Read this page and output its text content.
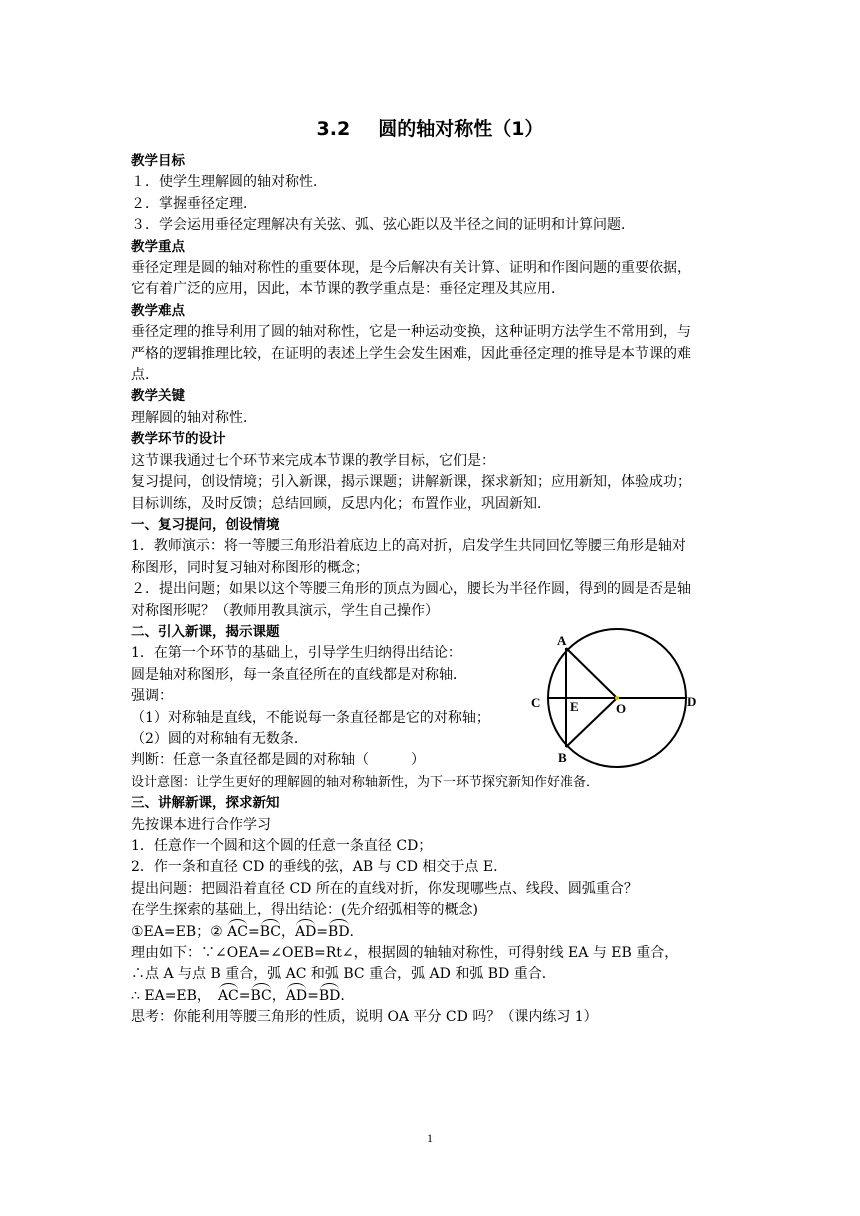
3.2 圆的轴对称性（1）

教学目标

１．使学生理解圆的轴对称性．

２．掌握垂径定理．

３．学会运用垂径定理解决有关弦、弧、弦心距以及半径之间的证明和计算问题．

教学重点

垂径定理是圆的轴对称性的重要体现，是今后解决有关计算、证明和作图问题的重要依据，

它有着广泛的应用，因此，本节课的教学重点是：垂径定理及其应用．

教学难点

垂径定理的推导利用了圆的轴对称性，它是一种运动变换，这种证明方法学生不常用到，与

严格的逻辑推理比较，在证明的表述上学生会发生困难，因此垂径定理的推导是本节课的难

点．

教学关键

理解圆的轴对称性．

教学环节的设计

这节课我通过七个环节来完成本节课的教学目标，它们是：

复习提问，创设情境；引入新课，揭示课题；讲解新课，探求新知；应用新知，体验成功；

目标训练，及时反馈；总结回顾，反思内化；布置作业，巩固新知．

一、复习提问，创设情境

1．教师演示：将一等腰三角形沿着底边上的高对折，启发学生共同回忆等腰三角形是轴对

称图形，同时复习轴对称图形的概念；

２．提出问题；如果以这个等腰三角形的顶点为圆心，腰长为半径作圆，得到的圆是否是轴

对称图形呢？（教师用教具演示，学生自己操作）

二、引入新课，揭示课题

1．在第一个环节的基础上，引导学生归纳得出结论：

圆是轴对称图形，每一条直径所在的直线都是对称轴．

强调：

（1）对称轴是直线，不能说每一条直径都是它的对称轴；

（2）圆的对称轴有无数条．

判断：任意一条直径都是圆的对称轴（　　　）

设计意图：让学生更好的理解圆的轴对称轴新性，为下一环节探究新知作好准备．

三、讲解新课，探求新知

先按课本进行合作学习

1．任意作一个圆和这个圆的任意一条直径 CD；

2．作一条和直径 CD 的垂线的弦，AB 与 CD 相交于点 E.

提出问题：把圆沿着直径 CD 所在的直线对折，你发现哪些点、线段、圆弧重合？

在学生探索的基础上，得出结论：(先介绍弧相等的概念)

①EA=EB；② AC=BC，AD=BD.

理由如下：∵∠OEA=∠OEB=Rt∠，根据圆的轴轴对称性，可得射线 EA 与 EB 重合，

∴点 A 与点 B 重合，弧 AC 和弧 BC 重合，弧 AD 和弧 BD 重合．

∴ EA=EB，　AC=BC，AD=BD.

思考：你能利用等腰三角形的性质，说明 OA 平分 CD 吗？（课内练习 1）

A
B
C	D
E	O
1
